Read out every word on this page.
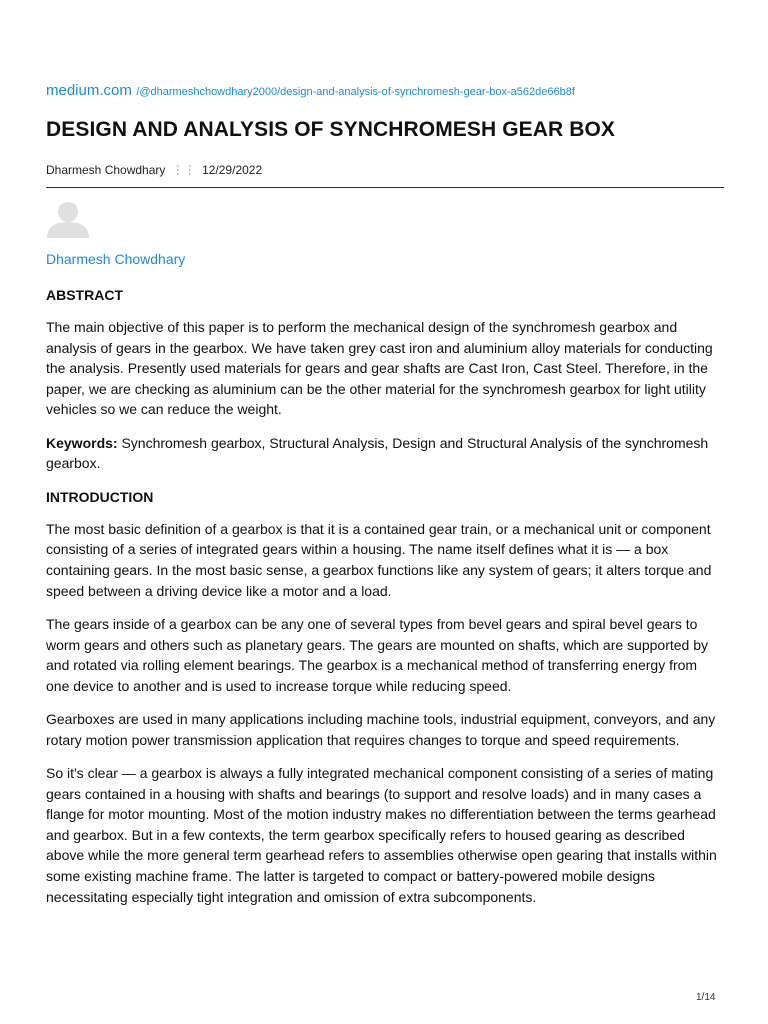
medium.com /@dharmeshchowdhary2000/design-and-analysis-of-synchromesh-gear-box-a562de66b8f
DESIGN AND ANALYSIS OF SYNCHROMESH GEAR BOX
Dharmesh Chowdhary ⋮⋮ 12/29/2022
Dharmesh Chowdhary
ABSTRACT

The main objective of this paper is to perform the mechanical design of the synchromesh gearbox and analysis of gears in the gearbox. We have taken grey cast iron and aluminium alloy materials for conducting the analysis. Presently used materials for gears and gear shafts are Cast Iron, Cast Steel. Therefore, in the paper, we are checking as aluminium can be the other material for the synchromesh gearbox for light utility vehicles so we can reduce the weight.

Keywords: Synchromesh gearbox, Structural Analysis, Design and Structural Analysis of the synchromesh gearbox.

INTRODUCTION

The most basic definition of a gearbox is that it is a contained gear train, or a mechanical unit or component consisting of a series of integrated gears within a housing. The name itself defines what it is — a box containing gears. In the most basic sense, a gearbox functions like any system of gears; it alters torque and speed between a driving device like a motor and a load.

The gears inside of a gearbox can be any one of several types from bevel gears and spiral bevel gears to worm gears and others such as planetary gears. The gears are mounted on shafts, which are supported by and rotated via rolling element bearings. The gearbox is a mechanical method of transferring energy from one device to another and is used to increase torque while reducing speed.

Gearboxes are used in many applications including machine tools, industrial equipment, conveyors, and any rotary motion power transmission application that requires changes to torque and speed requirements.

So it's clear — a gearbox is always a fully integrated mechanical component consisting of a series of mating gears contained in a housing with shafts and bearings (to support and resolve loads) and in many cases a flange for motor mounting. Most of the motion industry makes no differentiation between the terms gearhead and gearbox. But in a few contexts, the term gearbox specifically refers to housed gearing as described above while the more general term gearhead refers to assemblies otherwise open gearing that installs within some existing machine frame. The latter is targeted to compact or battery-powered mobile designs necessitating especially tight integration and omission of extra subcomponents.

1/14
